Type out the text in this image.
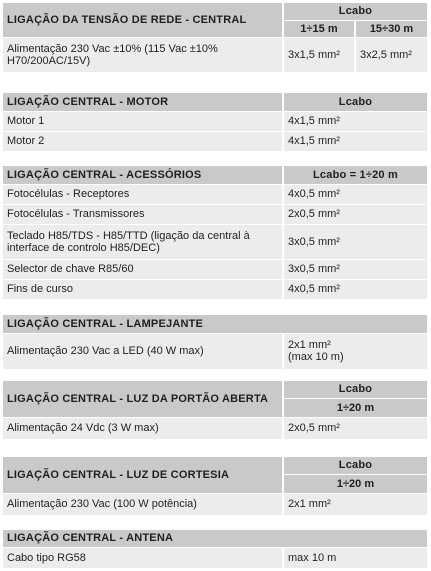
LIGAÇÃO DA TENSÃO DE REDE - CENTRAL	Lcabo	
	1÷15 m	15÷30 m
Alimentação 230 Vac ±10% (115 Vac ±10% H70/200AC/15V)	3x1,5 mm²	3x2,5 mm²
LIGAÇÃO CENTRAL - MOTOR	Lcabo
Motor 1	4x1,5 mm²
Motor 2	4x1,5 mm²
LIGAÇÃO CENTRAL - ACESSÓRIOS	Lcabo = 1÷20 m
Fotocélulas - Receptores	4x0,5 mm²
Fotocélulas - Transmissores	2x0,5 mm²
Teclado H85/TDS - H85/TTD (ligação da central à interface de controlo H85/DEC)	3x0,5 mm²
Selector de chave R85/60	3x0,5 mm²
Fins de curso	4x0,5 mm²
LIGAÇÃO CENTRAL - LAMPEJANTE
Alimentação 230 Vac a LED (40 W max)	2x1 mm²
(max 10 m)
LIGAÇÃO CENTRAL - LUZ DA PORTÃO ABERTA	Lcabo
	1÷20 m
Alimentação 24 Vdc (3 W max)	2x0,5 mm²
LIGAÇÃO CENTRAL - LUZ DE CORTESIA	Lcabo
	1÷20 m
Alimentação 230 Vac (100 W potência)	2x1 mm²
LIGAÇÃO CENTRAL - ANTENA
Cabo tipo RG58	max 10 m
